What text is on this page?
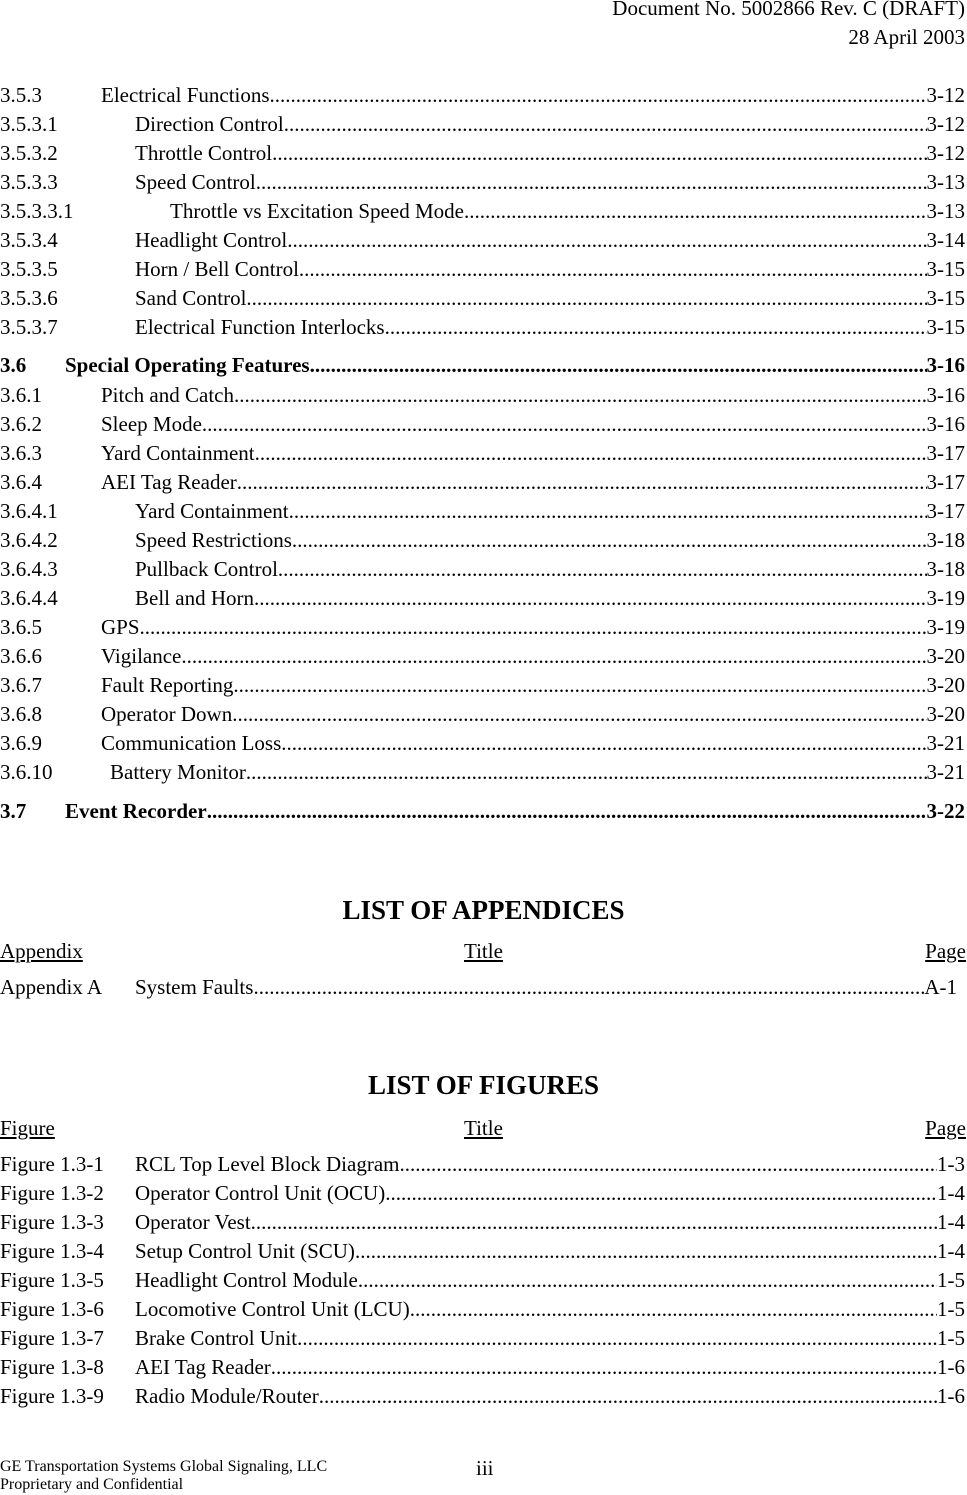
Document No. 5002866 Rev. C (DRAFT)
28 April 2003
3.5.3	Electrical Functions .....	3-12
3.5.3.1	Direction Control .....	3-12
3.5.3.2	Throttle Control .....	3-12
3.5.3.3	Speed Control .....	3-13
3.5.3.3.1	Throttle vs Excitation Speed Mode .....	3-13
3.5.3.4	Headlight Control .....	3-14
3.5.3.5	Horn / Bell Control .....	3-15
3.5.3.6	Sand Control .....	3-15
3.5.3.7	Electrical Function Interlocks .....	3-15
3.6	Special Operating Features .....	3-16
3.6.1	Pitch and Catch .....	3-16
3.6.2	Sleep Mode .....	3-16
3.6.3	Yard Containment .....	3-17
3.6.4	AEI Tag Reader .....	3-17
3.6.4.1	Yard Containment .....	3-17
3.6.4.2	Speed Restrictions .....	3-18
3.6.4.3	Pullback Control .....	3-18
3.6.4.4	Bell and Horn .....	3-19
3.6.5	GPS .....	3-19
3.6.6	Vigilance .....	3-20
3.6.7	Fault Reporting .....	3-20
3.6.8	Operator Down .....	3-20
3.6.9	Communication Loss .....	3-21
3.6.10	Battery Monitor .....	3-21
3.7	Event Recorder .....	3-22
LIST OF APPENDICES
Appendix	Title	Page
Appendix A	System Faults .....	A-1
LIST OF FIGURES
Figure	Title	Page
Figure 1.3-1	RCL Top Level Block Diagram .....	1-3
Figure 1.3-2	Operator Control Unit (OCU) .....	1-4
Figure 1.3-3	Operator Vest .....	1-4
Figure 1.3-4	Setup Control Unit (SCU) .....	1-4
Figure 1.3-5	Headlight Control Module .....	1-5
Figure 1.3-6	Locomotive Control Unit (LCU) .....	1-5
Figure 1.3-7	Brake Control Unit .....	1-5
Figure 1.3-8	AEI Tag Reader .....	1-6
Figure 1.3-9	Radio Module/Router .....	1-6
GE Transportation Systems Global Signaling, LLC
Proprietary and Confidential
iii
